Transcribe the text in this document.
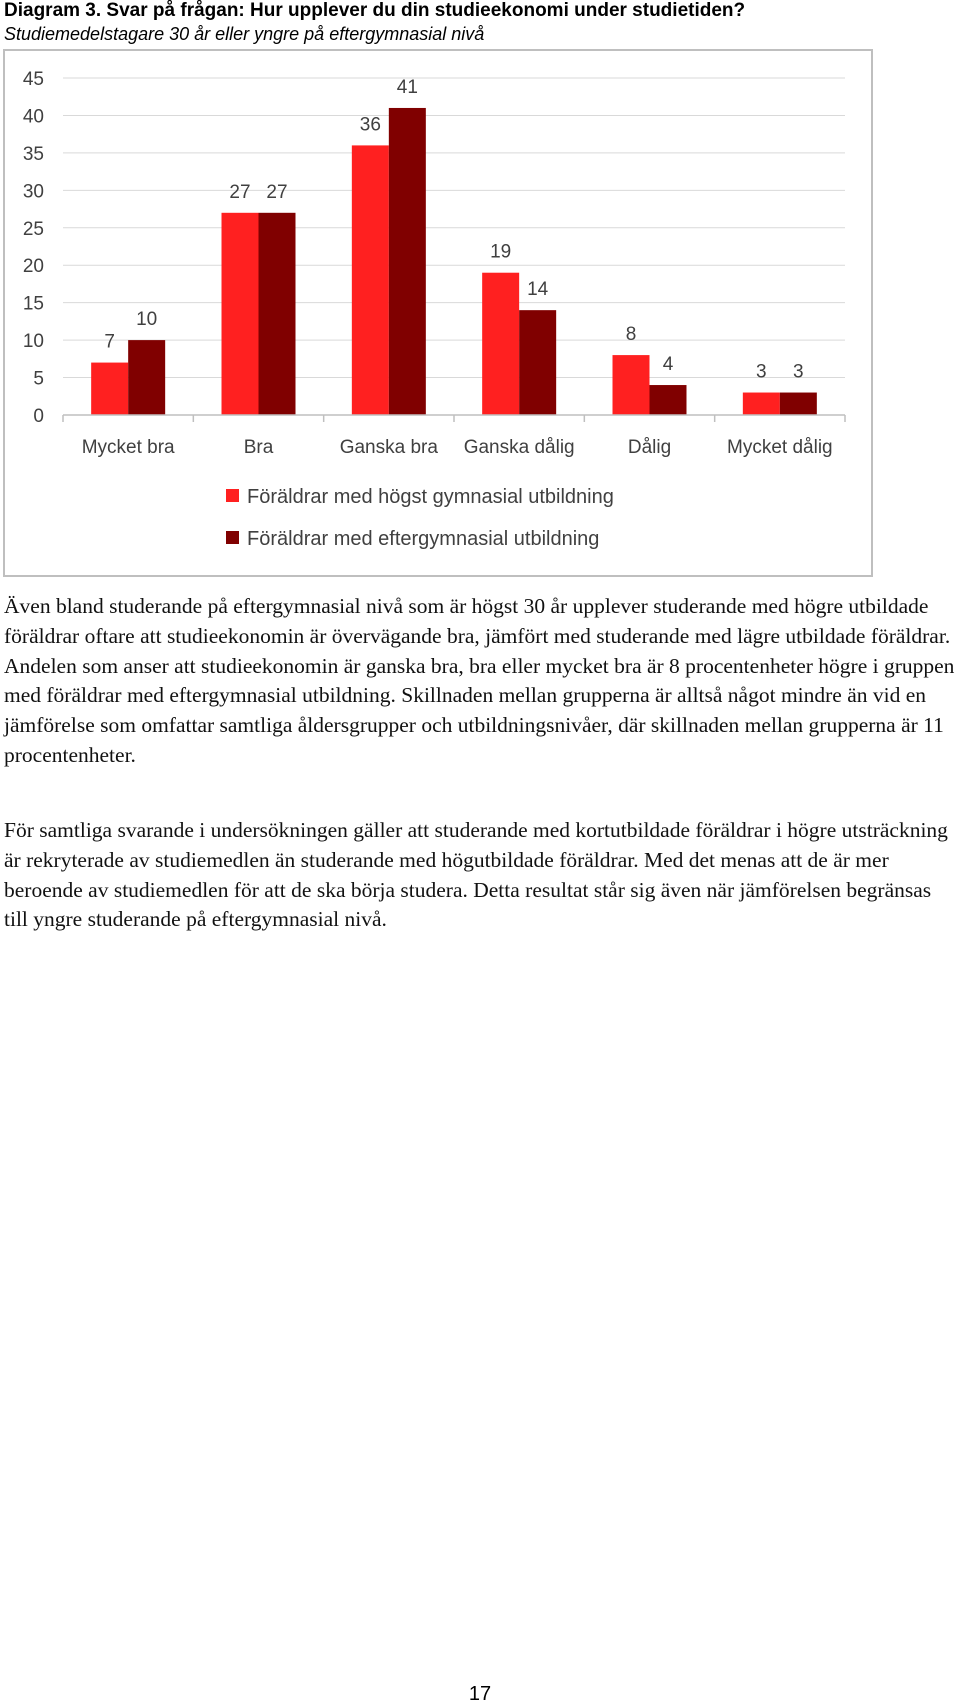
Diagram 3. Svar på frågan: Hur upplever du din studieekonomi under studietiden?
Studiemedelstagare 30 år eller yngre på eftergymnasial nivå
0
5
10
15
20
25
30
35
40
45
7
10
27 27
36
41
19
14
8
4	3 3
Mycket bra	Bra	Ganska bra Ganska dålig	Dålig	Mycket dålig
Föräldrar med högst gymnasial utbildning
Föräldrar med eftergymnasial utbildning

Även bland studerande på eftergymnasial nivå som är högst 30 år upplever studerande med högre utbildade föräldrar oftare att studieekonomin är övervägande bra, jämfört med studerande med lägre utbildade föräldrar. Andelen som anser att studieekonomin är ganska bra, bra eller mycket bra är 8 procentenheter högre i gruppen med föräldrar med eftergymnasial utbildning. Skillnaden mellan grupperna är alltså något mindre än vid en jämförelse som omfattar samtliga åldersgrupper och utbildningsnivåer, där skillnaden mellan grupperna är 11 procentenheter.

För samtliga svarande i undersökningen gäller att studerande med kortutbildade föräldrar i högre utsträckning är rekryterade av studiemedlen än studerande med högutbildade föräldrar. Med det menas att de är mer beroende av studiemedlen för att de ska börja studera. Detta resultat står sig även när jämförelsen begränsas till yngre studerande på eftergymnasial nivå.

17
